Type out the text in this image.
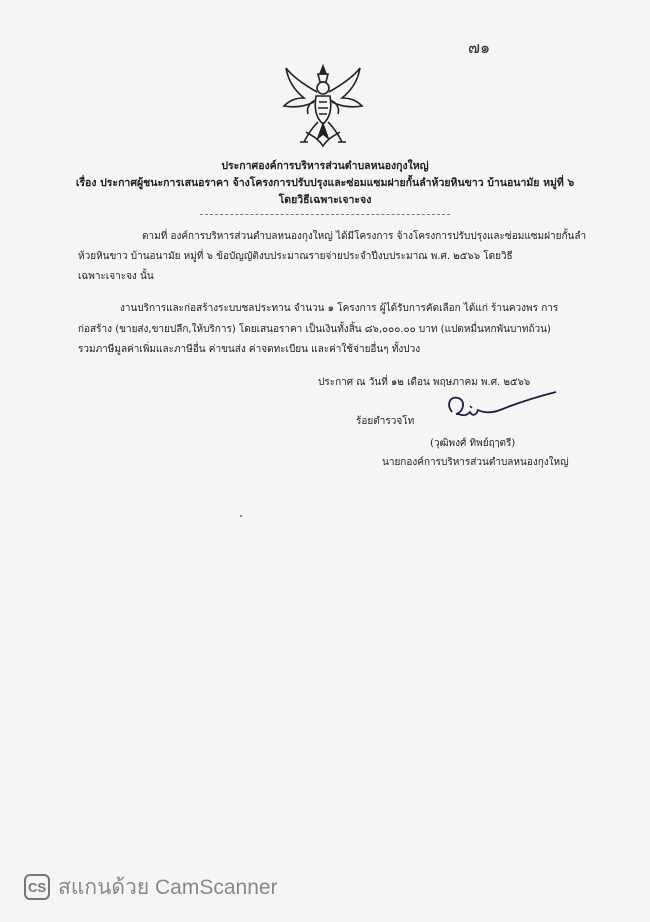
๗๑
ประกาศองค์การบริหารส่วนตำบลหนองกุงใหญ่
เรื่อง ประกาศผู้ชนะการเสนอราคา จ้างโครงการปรับปรุงและซ่อมแซมฝายกั้นลำห้วยหินขาว บ้านอนามัย หมู่ที่ ๖
โดยวิธีเฉพาะเจาะจง
ตามที่ องค์การบริหารส่วนตำบลหนองกุงใหญ่ ได้มีโครงการ จ้างโครงการปรับปรุงและซ่อมแซมฝายกั้นลำ
ห้วยหินขาว บ้านอนามัย หมู่ที่ ๖ ข้อบัญญัติงบประมาณรายจ่ายประจำปีงบประมาณ พ.ศ. ๒๕๖๖ โดยวิธี
เฉพาะเจาะจง นั้น
งานบริการและก่อสร้างระบบชลประทาน จำนวน ๑ โครงการ ผู้ได้รับการคัดเลือก ได้แก่ ร้านควงพร การ
ก่อสร้าง (ขายส่ง,ขายปลีก,ให้บริการ) โดยเสนอราคา เป็นเงินทั้งสิ้น ๘๖,๐๐๐.๐๐ บาท (แปดหมื่นหกพันบาทถ้วน)
รวมภาษีมูลค่าเพิ่มและภาษีอื่น ค่าขนส่ง ค่าจดทะเบียน และค่าใช้จ่ายอื่นๆ ทั้งปวง
ประกาศ ณ วันที่ ๑๒ เดือน พฤษภาคม พ.ศ. ๒๕๖๖
ร้อยตำรวจโท
(วุฒิพงศ์ ทิพย์ฤๅตรี)
นายกองค์การบริหารส่วนตำบลหนองกุงใหญ่
CS สแกนด้วย CamScanner
